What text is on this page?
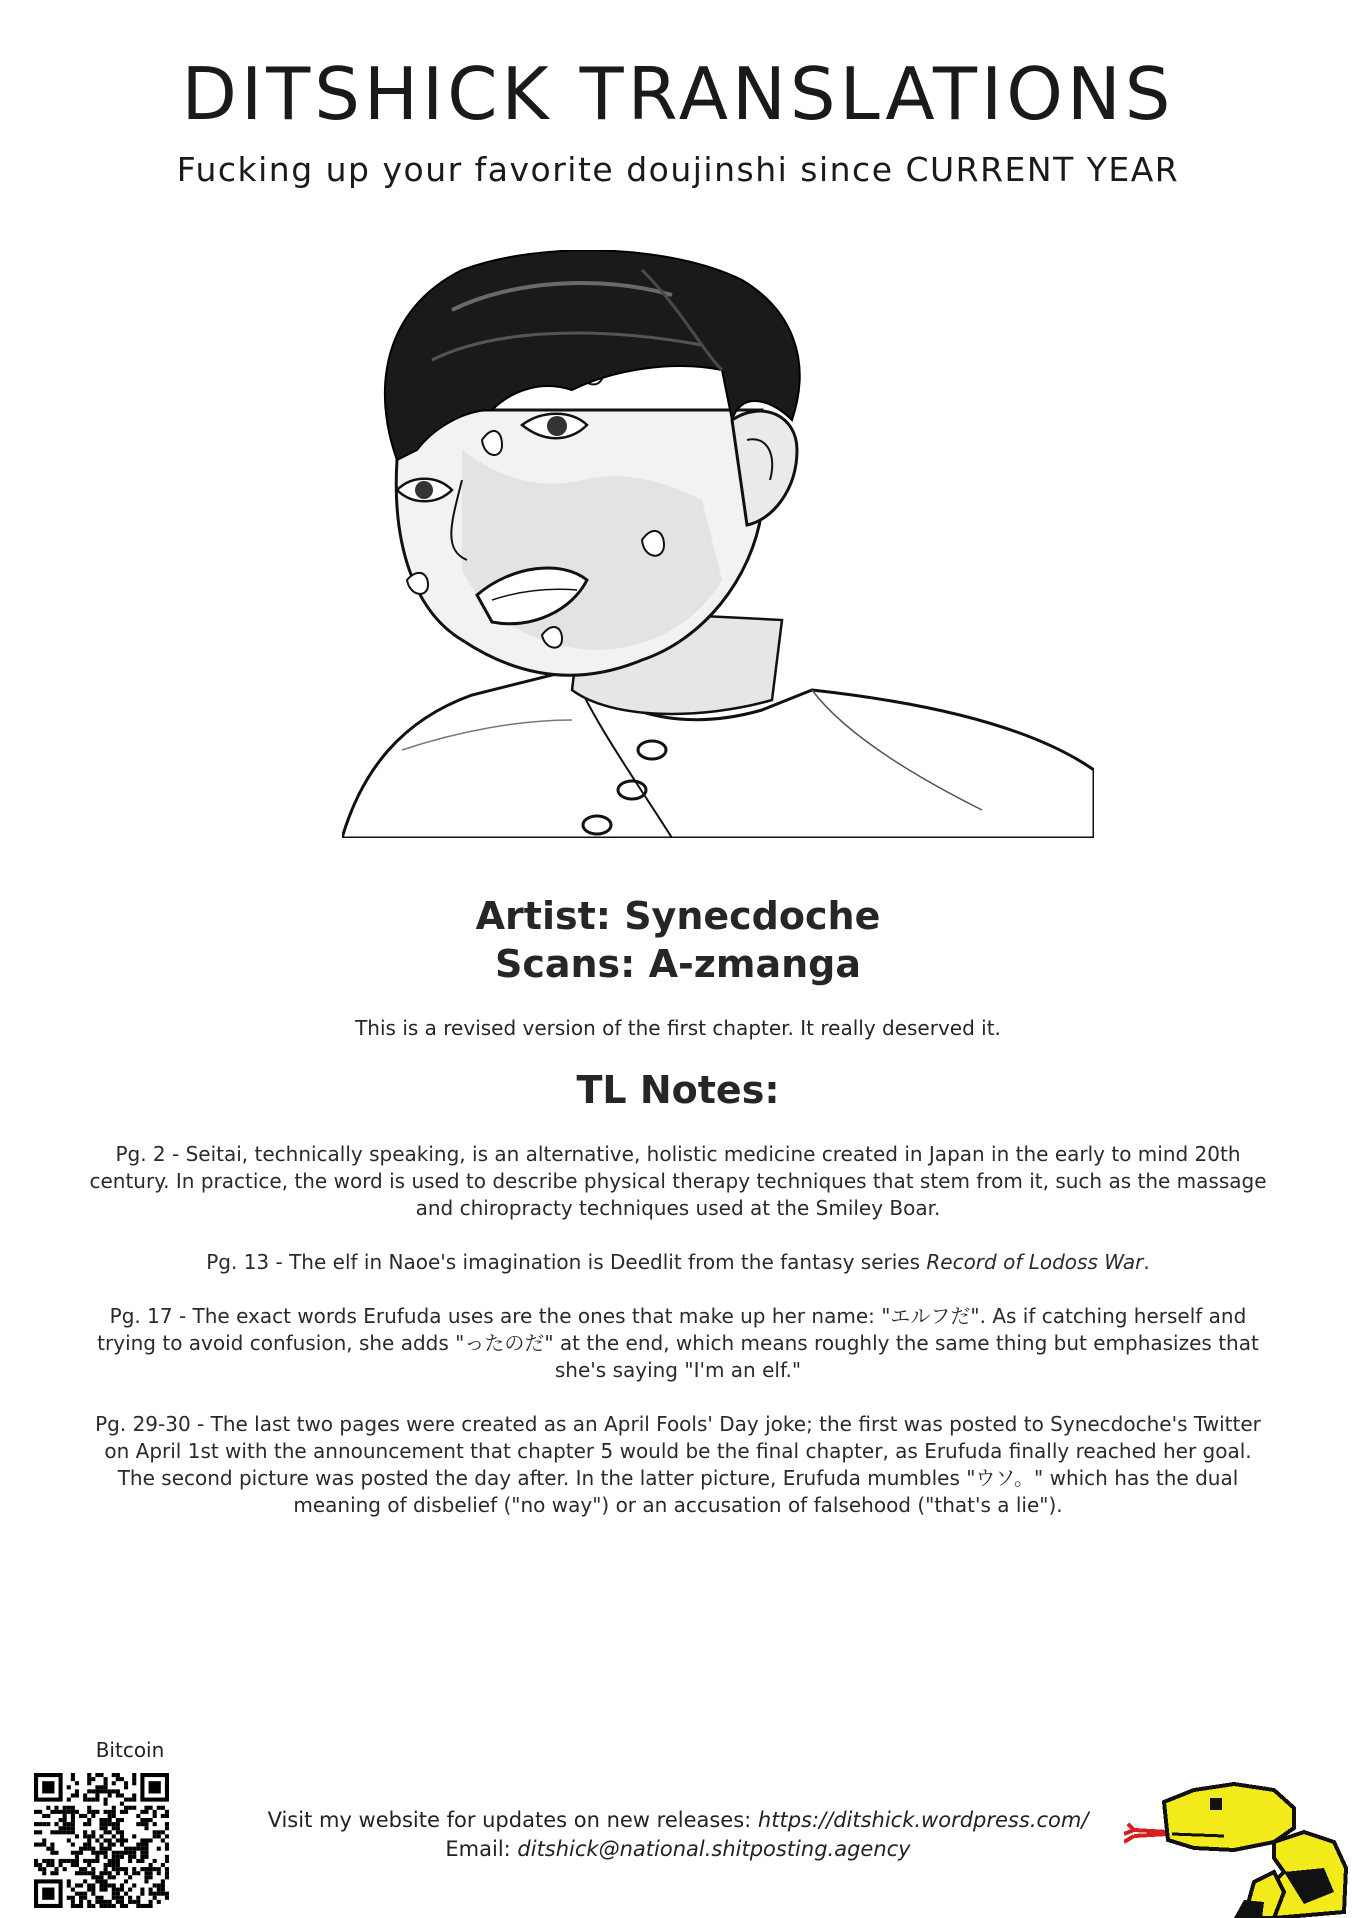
DITSHICK TRANSLATIONS
Fucking up your favorite doujinshi since CURRENT YEAR
Artist: Synecdoche
Scans: A-zmanga
This is a revised version of the first chapter. It really deserved it.
TL Notes:

Pg. 2 - Seitai, technically speaking, is an alternative, holistic medicine created in Japan in the early to mind 20th century. In practice, the word is used to describe physical therapy techniques that stem from it, such as the massage and chiropracty techniques used at the Smiley Boar.

Pg. 13 - The elf in Naoe's imagination is Deedlit from the fantasy series Record of Lodoss War.

Pg. 17 - The exact words Erufuda uses are the ones that make up her name: "エルフだ". As if catching herself and trying to avoid confusion, she adds "ったのだ" at the end, which means roughly the same thing but emphasizes that she's saying "I'm an elf."

Pg. 29-30 - The last two pages were created as an April Fools' Day joke; the first was posted to Synecdoche's Twitter on April 1st with the announcement that chapter 5 would be the final chapter, as Erufuda finally reached her goal. The second picture was posted the day after. In the latter picture, Erufuda mumbles "ウソ。" which has the dual meaning of disbelief ("no way") or an accusation of falsehood ("that's a lie").

Bitcoin
Visit my website for updates on new releases: https://ditshick.wordpress.com/
Email: ditshick@national.shitposting.agency
